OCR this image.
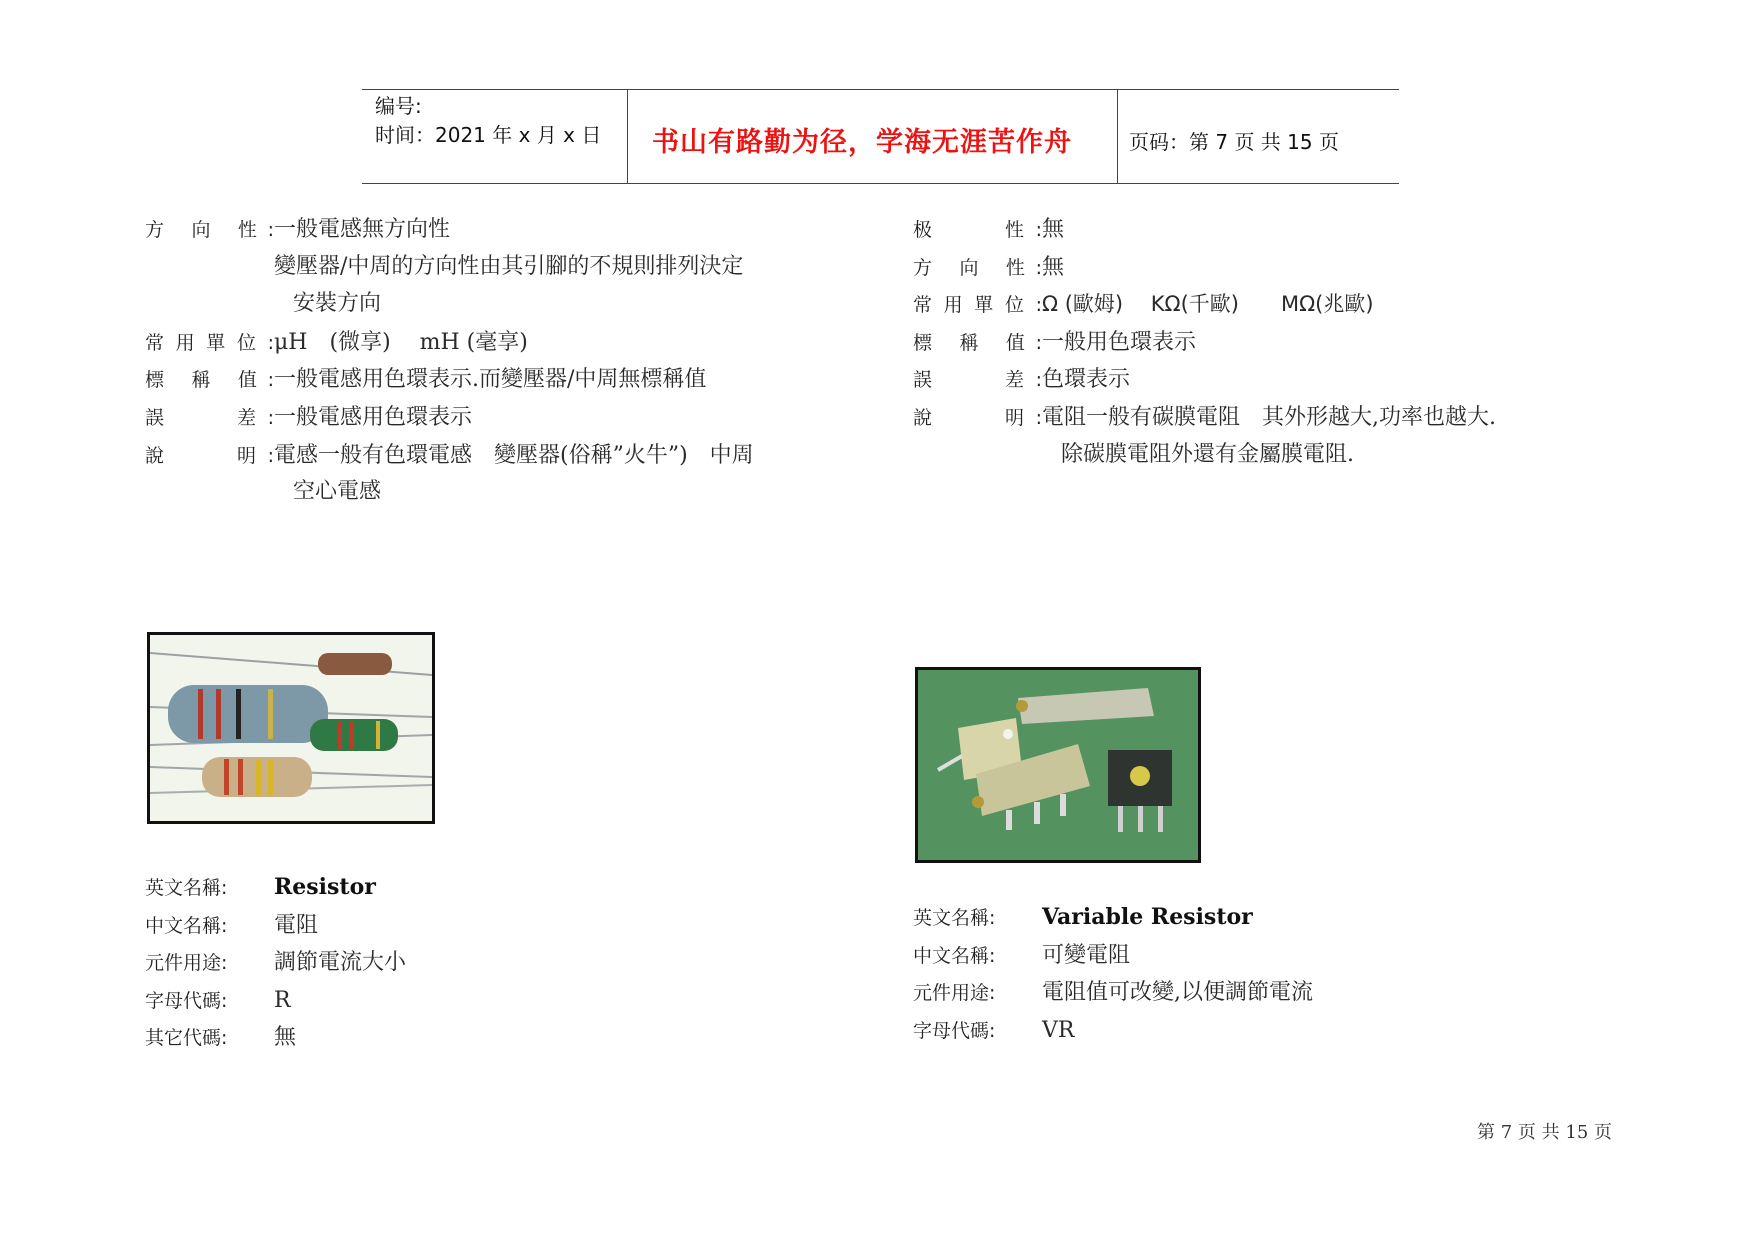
编号:
时间：2021 年 x 月 x 日 书山有路勤为径，学海无涯苦作舟	页码：第 7 页 共 15 页
方 向 性:一般電感無方向性
變壓器/中周的方向性由其引腳的不規則排列決定
安裝方向
常用單位:μH　(微享)　 mH (毫享)
標 稱 值:一般電感用色環表示.而變壓器/中周無標稱值
誤　　差:一般電感用色環表示
說　　明:電感一般有色環電感　變壓器(俗稱”火牛”)　中周
空心電感
极　　性:無
方 向 性:無
常用單位:Ω (歐姆)　 KΩ(千歐)　　MΩ(兆歐)
標 稱 值:一般用色環表示
誤　　差:色環表示
說　　明:電阻一般有碳膜電阻　其外形越大,功率也越大.
除碳膜電阻外還有金屬膜電阻.
英文名稱: Resistor
中文名稱: 電阻
元件用途: 調節電流大小
字母代碼: R
其它代碼: 無
英文名稱: Variable Resistor
中文名稱: 可變電阻
元件用途: 電阻值可改變,以便調節電流
字母代碼: VR
第 7 页 共 15 页
